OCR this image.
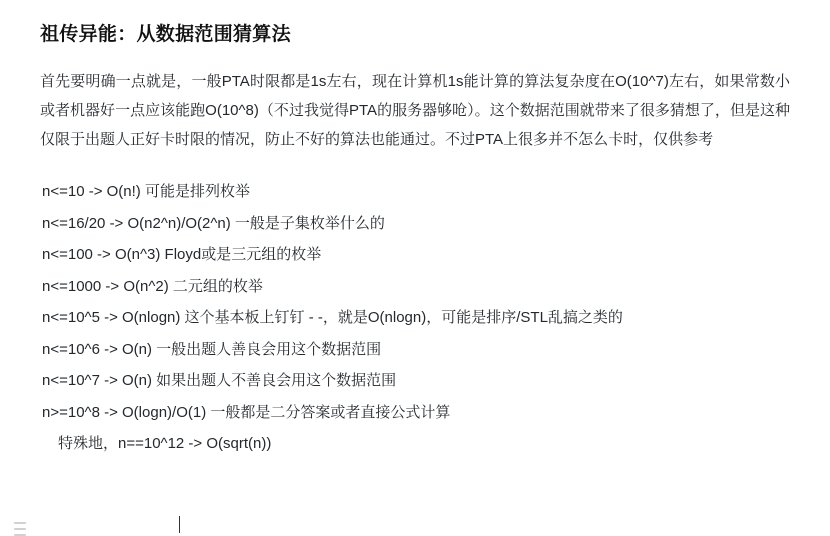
祖传异能：从数据范围猜算法

首先要明确一点就是，一般PTA时限都是1s左右，现在计算机1s能计算的算法复杂度在O(10^7)左右，如果常数小或者机器好一点应该能跑O(10^8)（不过我觉得PTA的服务器够呛）。这个数据范围就带来了很多猜想了，但是这种仅限于出题人正好卡时限的情况，防止不好的算法也能通过。不过PTA上很多并不怎么卡时，仅供参考

n<=10 -> O(n!) 可能是排列枚举
n<=16/20 -> O(n2^n)/O(2^n) 一般是子集枚举什么的
n<=100 -> O(n^3) Floyd或是三元组的枚举
n<=1000 -> O(n^2) 二元组的枚举
n<=10^5 -> O(nlogn) 这个基本板上钉钉 - -，就是O(nlogn)，可能是排序/STL乱搞之类的
n<=10^6 -> O(n) 一般出题人善良会用这个数据范围
n<=10^7 -> O(n) 如果出题人不善良会用这个数据范围
n>=10^8 -> O(logn)/O(1) 一般都是二分答案或者直接公式计算
特殊地，n==10^12 -> O(sqrt(n))
